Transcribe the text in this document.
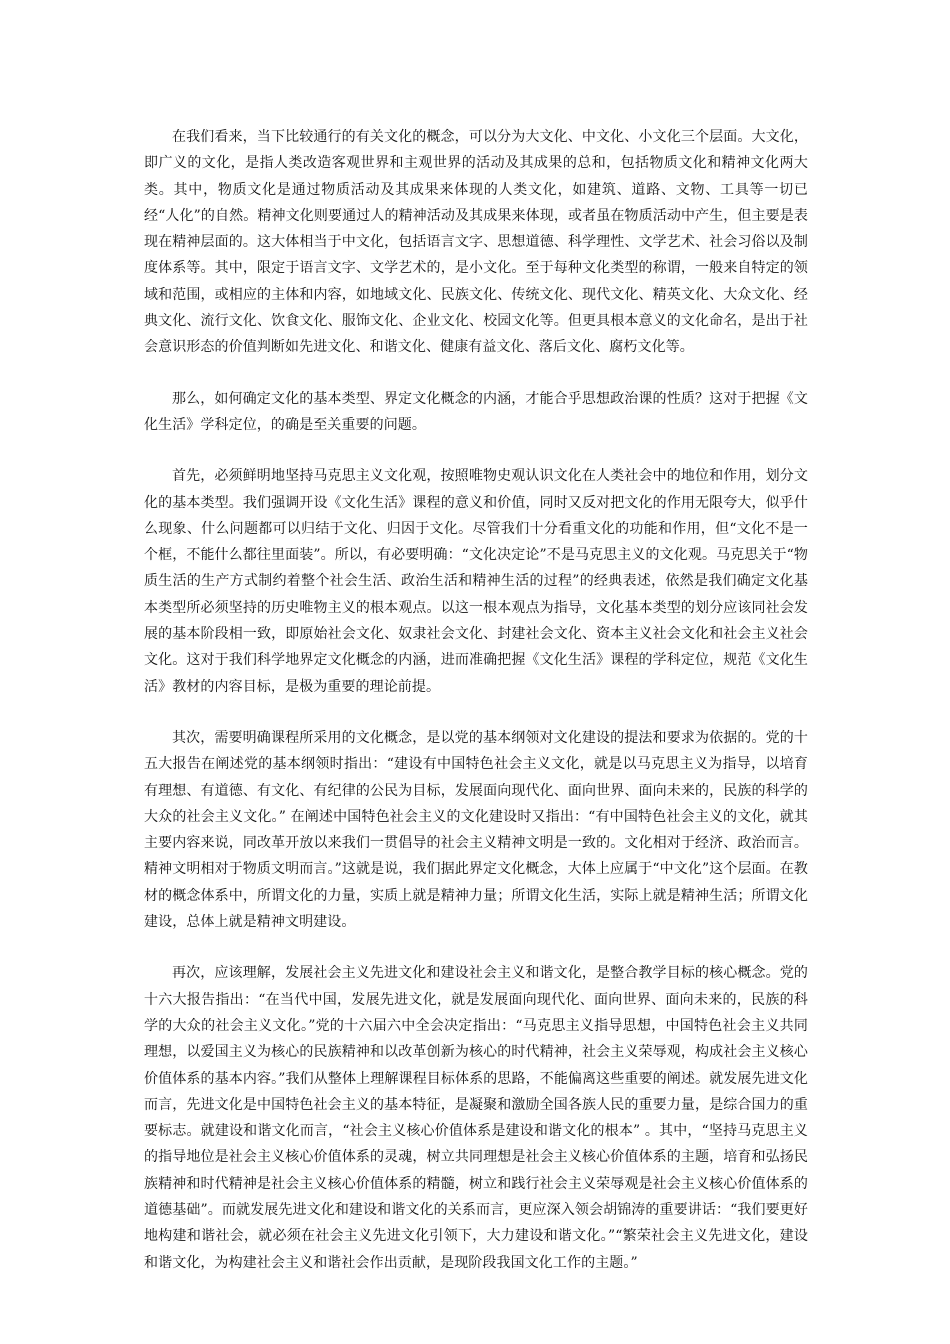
在我们看来，当下比较通行的有关文化的概念，可以分为大文化、中文化、小文化三个层面。大文化，即广义的文化，是指人类改造客观世界和主观世界的活动及其成果的总和，包括物质文化和精神文化两大类。其中，物质文化是通过物质活动及其成果来体现的人类文化，如建筑、道路、文物、工具等一切已经“人化”的自然。精神文化则要通过人的精神活动及其成果来体现，或者虽在物质活动中产生，但主要是表现在精神层面的。这大体相当于中文化，包括语言文字、思想道德、科学理性、文学艺术、社会习俗以及制度体系等。其中，限定于语言文字、文学艺术的，是小文化。至于每种文化类型的称谓，一般来自特定的领域和范围，或相应的主体和内容，如地域文化、民族文化、传统文化、现代文化、精英文化、大众文化、经典文化、流行文化、饮食文化、服饰文化、企业文化、校园文化等。但更具根本意义的文化命名，是出于社会意识形态的价值判断如先进文化、和谐文化、健康有益文化、落后文化、腐朽文化等。

那么，如何确定文化的基本类型、界定文化概念的内涵，才能合乎思想政治课的性质？这对于把握《文化生活》学科定位，的确是至关重要的问题。

首先，必须鲜明地坚持马克思主义文化观，按照唯物史观认识文化在人类社会中的地位和作用，划分文化的基本类型。我们强调开设《文化生活》课程的意义和价值，同时又反对把文化的作用无限夸大，似乎什么现象、什么问题都可以归结于文化、归因于文化。尽管我们十分看重文化的功能和作用，但“文化不是一个框，不能什么都往里面装”。所以，有必要明确：“文化决定论”不是马克思主义的文化观。马克思关于“物质生活的生产方式制约着整个社会生活、政治生活和精神生活的过程”的经典表述，依然是我们确定文化基本类型所必须坚持的历史唯物主义的根本观点。以这一根本观点为指导，文化基本类型的划分应该同社会发展的基本阶段相一致，即原始社会文化、奴隶社会文化、封建社会文化、资本主义社会文化和社会主义社会文化。这对于我们科学地界定文化概念的内涵，进而准确把握《文化生活》课程的学科定位，规范《文化生活》教材的内容目标，是极为重要的理论前提。

其次，需要明确课程所采用的文化概念，是以党的基本纲领对文化建设的提法和要求为依据的。党的十五大报告在阐述党的基本纲领时指出：“建设有中国特色社会主义文化，就是以马克思主义为指导，以培育有理想、有道德、有文化、有纪律的公民为目标，发展面向现代化、面向世界、面向未来的，民族的科学的大众的社会主义文化。” 在阐述中国特色社会主义的文化建设时又指出：“有中国特色社会主义的文化，就其主要内容来说，同改革开放以来我们一贯倡导的社会主义精神文明是一致的。文化相对于经济、政治而言。精神文明相对于物质文明而言。”这就是说，我们据此界定文化概念，大体上应属于“中文化”这个层面。在教材的概念体系中，所谓文化的力量，实质上就是精神力量；所谓文化生活，实际上就是精神生活；所谓文化建设，总体上就是精神文明建设。

再次，应该理解，发展社会主义先进文化和建设社会主义和谐文化，是整合教学目标的核心概念。党的十六大报告指出：“在当代中国，发展先进文化，就是发展面向现代化、面向世界、面向未来的，民族的科学的大众的社会主义文化。”党的十六届六中全会决定指出：“马克思主义指导思想，中国特色社会主义共同理想，以爱国主义为核心的民族精神和以改革创新为核心的时代精神，社会主义荣辱观，构成社会主义核心价值体系的基本内容。”我们从整体上理解课程目标体系的思路，不能偏离这些重要的阐述。就发展先进文化而言，先进文化是中国特色社会主义的基本特征，是凝聚和激励全国各族人民的重要力量，是综合国力的重要标志。就建设和谐文化而言，“社会主义核心价值体系是建设和谐文化的根本” 。其中，“坚持马克思主义的指导地位是社会主义核心价值体系的灵魂，树立共同理想是社会主义核心价值体系的主题，培育和弘扬民族精神和时代精神是社会主义核心价值体系的精髓，树立和践行社会主义荣辱观是社会主义核心价值体系的道德基础”。而就发展先进文化和建设和谐文化的关系而言，更应深入领会胡锦涛的重要讲话：“我们要更好地构建和谐社会，就必须在社会主义先进文化引领下，大力建设和谐文化。”“繁荣社会主义先进文化，建设和谐文化，为构建社会主义和谐社会作出贡献，是现阶段我国文化工作的主题。”
